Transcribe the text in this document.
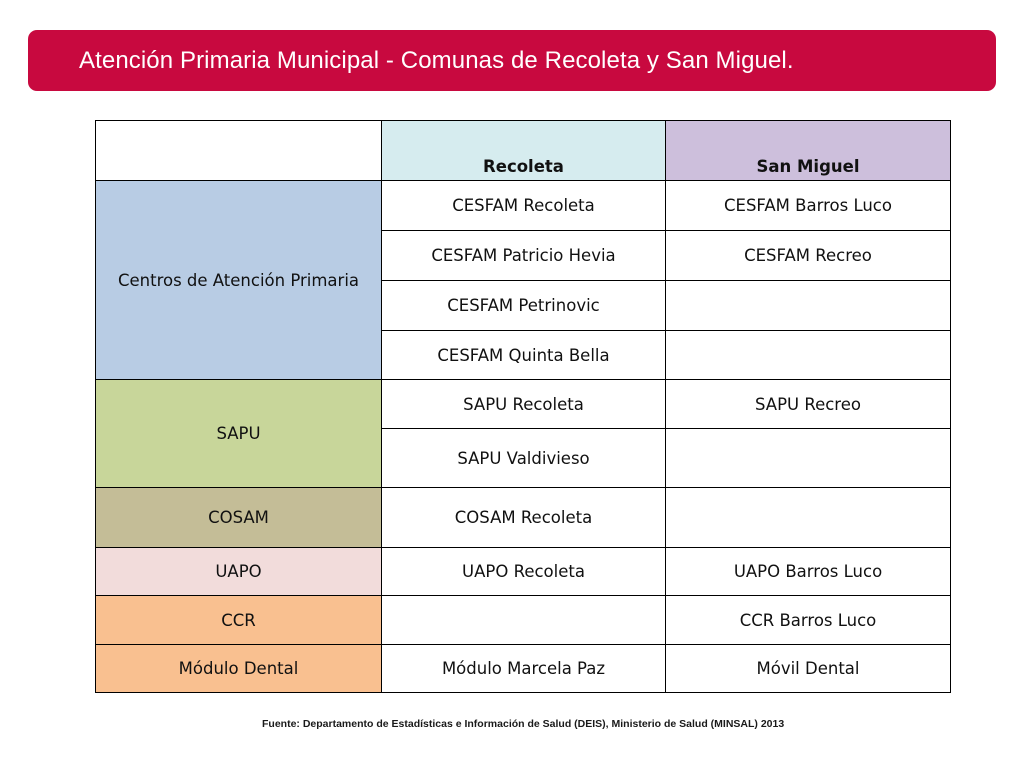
Atención Primaria Municipal - Comunas de Recoleta y San Miguel.
	Recoleta	San Miguel
Centros de Atención Primaria	CESFAM Recoleta	CESFAM Barros Luco
	CESFAM Patricio Hevia	CESFAM Recreo
	CESFAM Petrinovic	
	CESFAM Quinta Bella	
SAPU	SAPU Recoleta	SAPU Recreo
	SAPU Valdivieso	
COSAM	COSAM Recoleta	
UAPO	UAPO Recoleta	UAPO Barros Luco
CCR		CCR Barros Luco
Módulo Dental	Módulo Marcela Paz	Móvil Dental
Fuente: Departamento de Estadísticas e Información de Salud (DEIS), Ministerio de Salud (MINSAL) 2013
